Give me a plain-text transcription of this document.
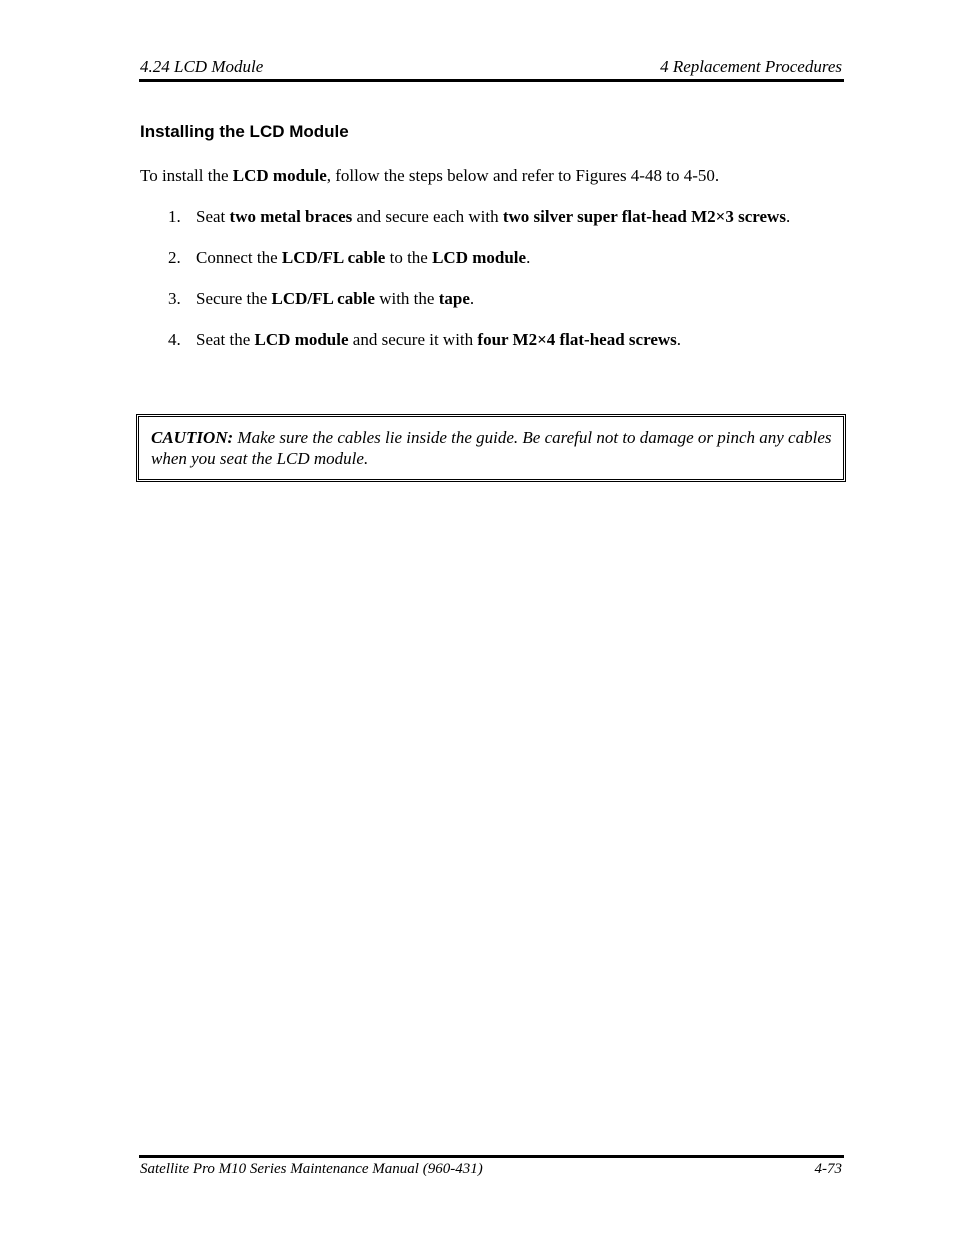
4.24 LCD Module	4 Replacement Procedures
Installing the LCD Module

To install the LCD module, follow the steps below and refer to Figures 4-48 to 4-50.

1. Seat two metal braces and secure each with two silver super flat-head M2×3 screws.
2. Connect the LCD/FL cable to the LCD module.
3. Secure the LCD/FL cable with the tape.
4. Seat the LCD module and secure it with four M2×4 flat-head screws.

CAUTION: Make sure the cables lie inside the guide. Be careful not to damage or pinch any cables when you seat the LCD module.

Satellite Pro M10 Series Maintenance Manual (960-431)	4-73
